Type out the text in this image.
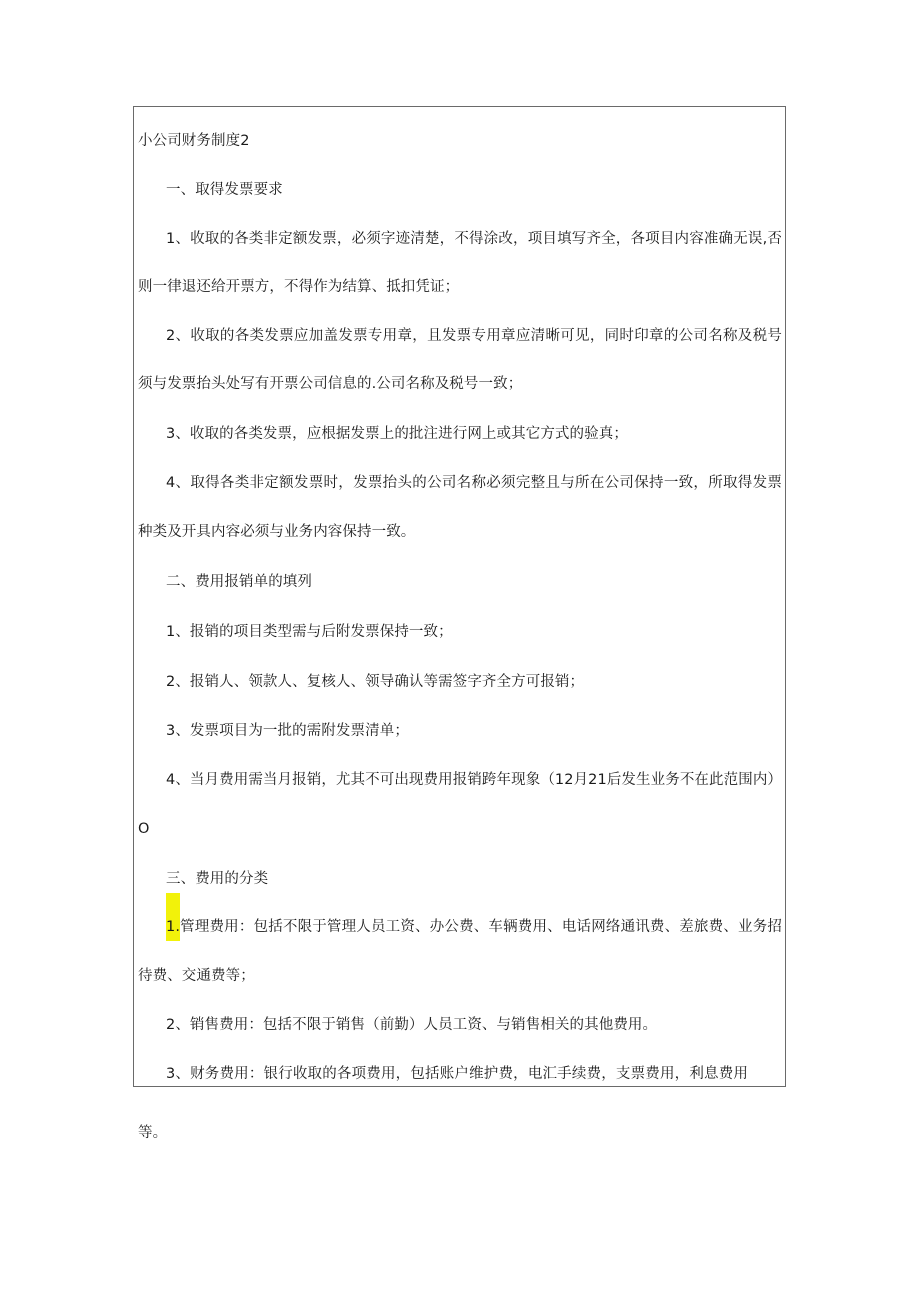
小公司财务制度2
一、取得发票要求
1、收取的各类非定额发票，必须字迹清楚，不得涂改，项目填写齐全，各项目内容准确无误,否
则一律退还给开票方，不得作为结算、抵扣凭证；
2、收取的各类发票应加盖发票专用章，且发票专用章应清晰可见，同时印章的公司名称及税号
须与发票抬头处写有开票公司信息的.公司名称及税号一致；
3、收取的各类发票，应根据发票上的批注进行网上或其它方式的验真；
4、取得各类非定额发票时，发票抬头的公司名称必须完整且与所在公司保持一致，所取得发票
种类及开具内容必须与业务内容保持一致。
二、费用报销单的填列
1、报销的项目类型需与后附发票保持一致；
2、报销人、领款人、复核人、领导确认等需签字齐全方可报销；
3、发票项目为一批的需附发票清单；
4、当月费用需当月报销，尤其不可出现费用报销跨年现象（12月21后发生业务不在此范围内）
O
三、费用的分类
1.管理费用：包括不限于管理人员工资、办公费、车辆费用、电话网络通讯费、差旅费、业务招
待费、交通费等；
2、销售费用：包括不限于销售（前勤）人员工资、与销售相关的其他费用。
3、财务费用：银行收取的各项费用，包括账户维护费，电汇手续费，支票费用，利息费用
等。
